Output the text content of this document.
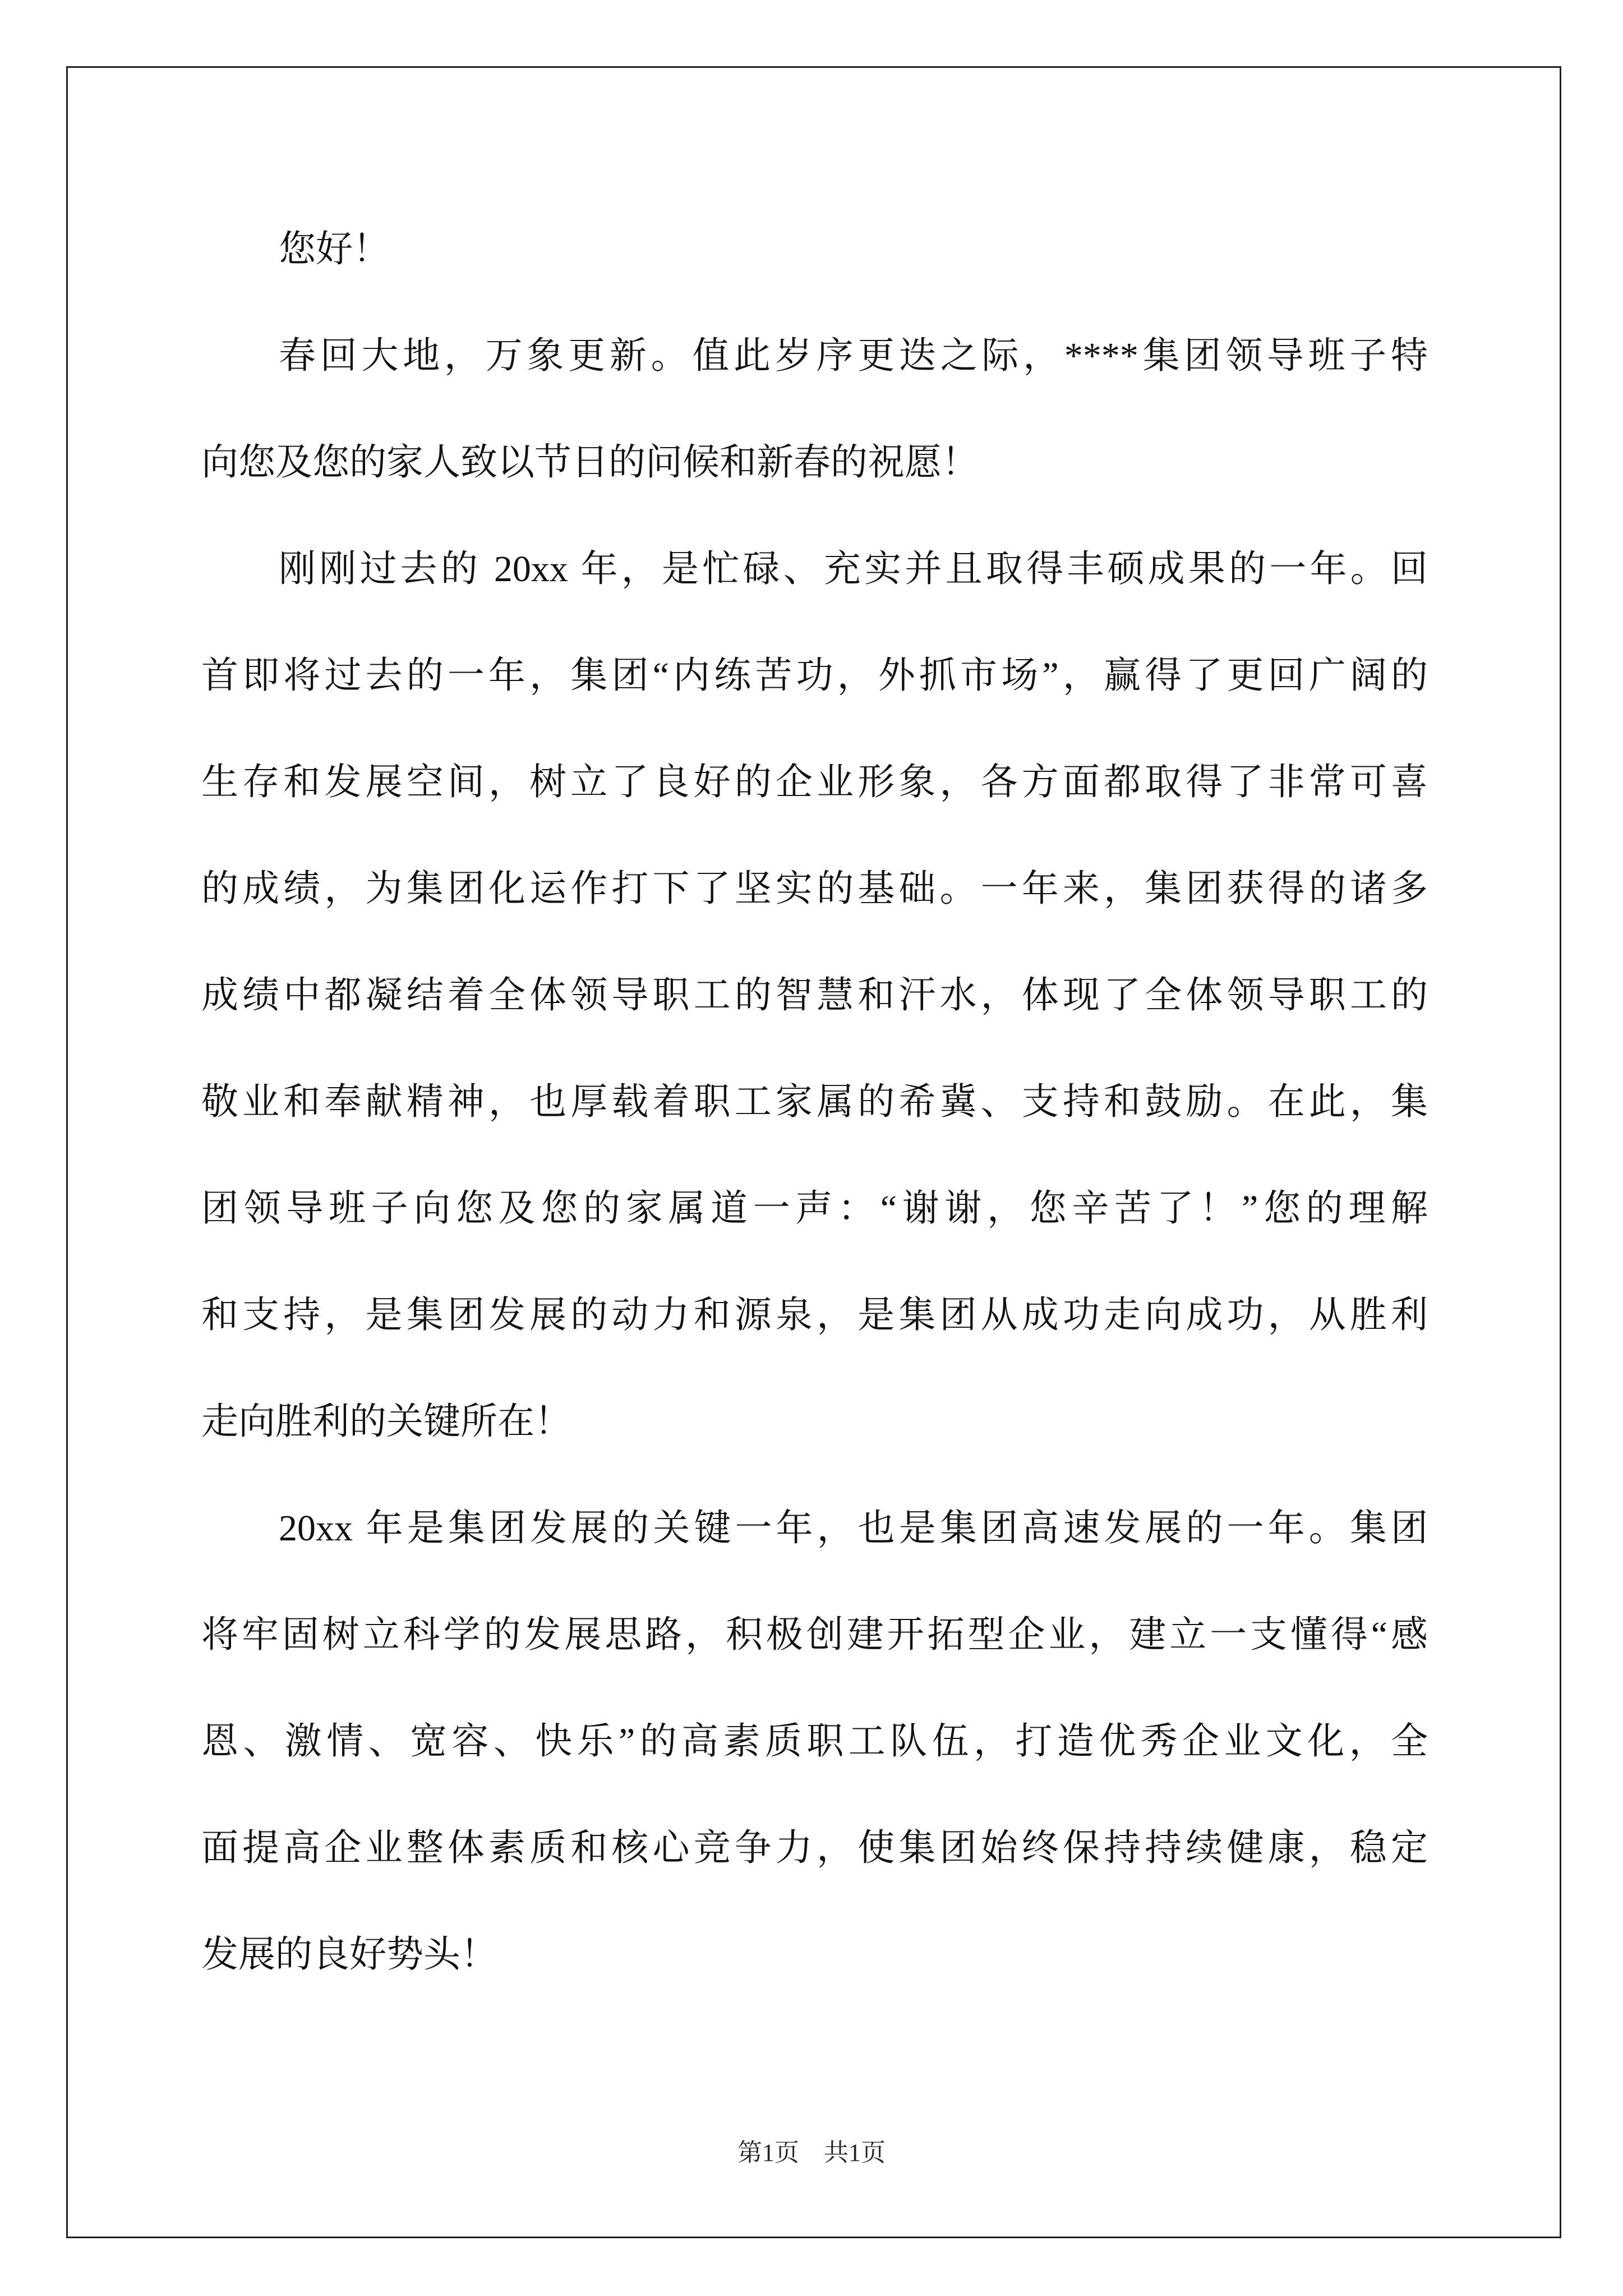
您好！
春回大地，万象更新。值此岁序更迭之际，****集团领导班子特
向您及您的家人致以节日的问候和新春的祝愿！
刚刚过去的 20xx 年，是忙碌、充实并且取得丰硕成果的一年。回
首即将过去的一年，集团“内练苦功，外抓市场”，赢得了更回广阔的
生存和发展空间，树立了良好的企业形象，各方面都取得了非常可喜
的成绩，为集团化运作打下了坚实的基础。一年来，集团获得的诸多
成绩中都凝结着全体领导职工的智慧和汗水，体现了全体领导职工的
敬业和奉献精神，也厚载着职工家属的希冀、支持和鼓励。在此，集
团领导班子向您及您的家属道一声：“谢谢，您辛苦了！”您的理解
和支持，是集团发展的动力和源泉，是集团从成功走向成功，从胜利
走向胜利的关键所在！
20xx 年是集团发展的关键一年，也是集团高速发展的一年。集团
将牢固树立科学的发展思路，积极创建开拓型企业，建立一支懂得“感
恩、激情、宽容、快乐”的高素质职工队伍，打造优秀企业文化，全
面提高企业整体素质和核心竞争力，使集团始终保持持续健康，稳定
发展的良好势头！
第1页　共1页
